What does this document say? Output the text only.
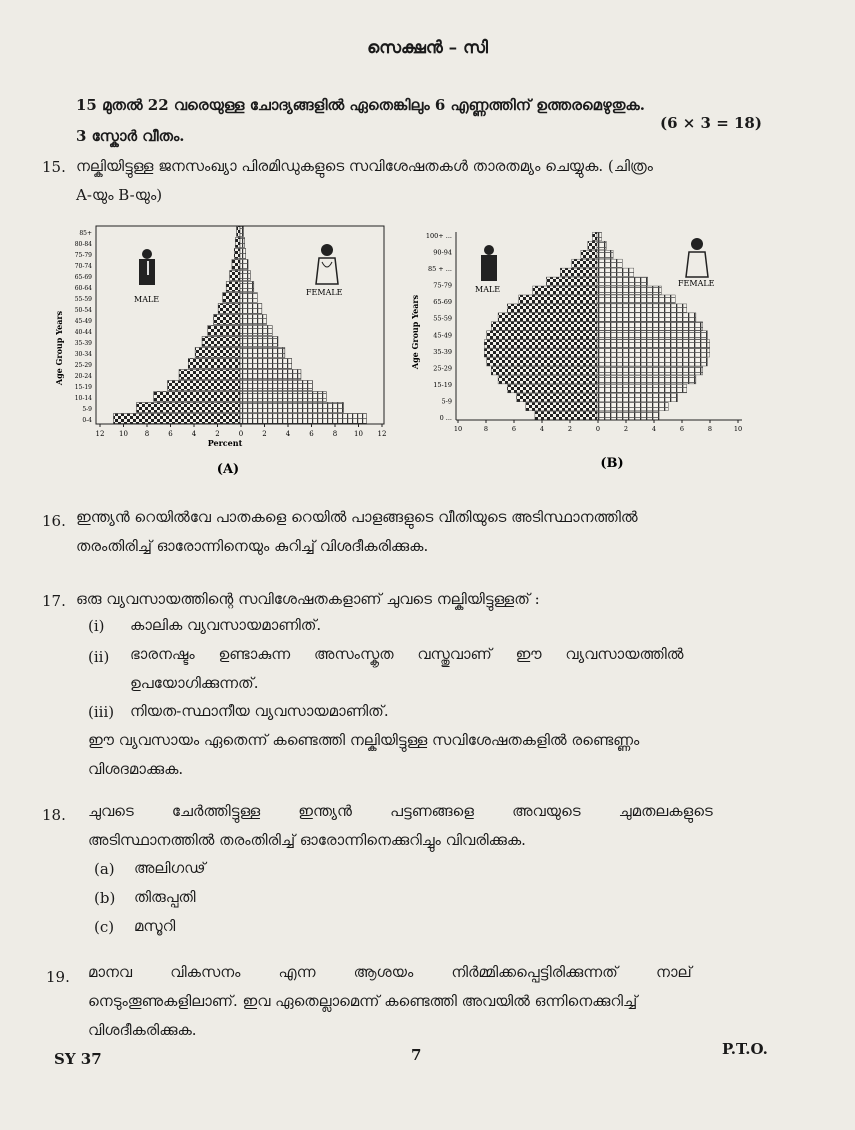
സെക്ഷൻ – സി
15 മുതൽ 22 വരെയുള്ള ചോദ്യങ്ങളിൽ ഏതെങ്കിലും 6 എണ്ണത്തിന് ഉത്തരമെഴുതുക.
3 സ്കോർ വീതം.
(6 × 3 = 18)
15. നല്കിയിട്ടുള്ള ജനസംഖ്യാ പിരമിഡുകളുടെ സവിശേഷതകൾ താരതമ്യം ചെയ്യുക. (ചിത്രം
A-യും B-യും)
Age Group Years
85+
80-84
75-79
70-74
65-69
60-64
55-59
50-54
45-49
40-44
35-39
30-34
25-29
20-24
15-19
10-14
5-9
0-4
12 10 8	6	4	2	0	2	4	6	8 10 12
Percent
MALE
FEMALE
(A)
Age Group Years
100+ ...
90-94
85 + ...
75-79
65-69
55-59
45-49
35-39
25-29
15-19
5-9
0 ...
10	8	6	4	2	0	2	4	6	8	10
MALE
FEMALE
(B)
16. ഇന്ത്യൻ റെയിൽവേ പാതകളെ റെയിൽ പാളങ്ങളുടെ വീതിയുടെ അടിസ്ഥാനത്തിൽ
തരംതിരിച്ച് ഓരോന്നിനെയും കുറിച്ച് വിശദീകരിക്കുക.
17. ഒരു വ്യവസായത്തിന്റെ സവിശേഷതകളാണ് ചുവടെ നല്കിയിട്ടുള്ളത് :
(i) കാലിക വ്യവസായമാണിത്.
(ii) ഭാരനഷ്ടം     ഉണ്ടാകുന്ന     അസംസ്കൃത     വസ്തുവാണ്     ഈ     വ്യവസായത്തിൽ
ഉപയോഗിക്കുന്നത്.
(iii) നിയത-സ്ഥാനീയ വ്യവസായമാണിത്.
ഈ വ്യവസായം ഏതെന്ന് കണ്ടെത്തി നല്കിയിട്ടുള്ള സവിശേഷതകളിൽ രണ്ടെണ്ണം
വിശദമാക്കുക.
18. ചുവടെ        ചേർത്തിട്ടുള്ള        ഇന്ത്യൻ        പട്ടണങ്ങളെ        അവയുടെ        ചുമതലകളുടെ
അടിസ്ഥാനത്തിൽ തരംതിരിച്ച് ഓരോന്നിനെക്കുറിച്ചും വിവരിക്കുക.
(a) അലിഗഢ്
(b) തിരുപ്പതി
(c) മസൂറി
19. മാനവ        വികസനം        എന്ന        ആശയം        നിർമ്മിക്കപ്പെട്ടിരിക്കുന്നത്        നാല്
നെടുംതൂണുകളിലാണ്. ഇവ ഏതെല്ലാമെന്ന് കണ്ടെത്തി അവയിൽ ഒന്നിനെക്കുറിച്ച്
വിശദീകരിക്കുക.
SY 37	7	P.T.O.
